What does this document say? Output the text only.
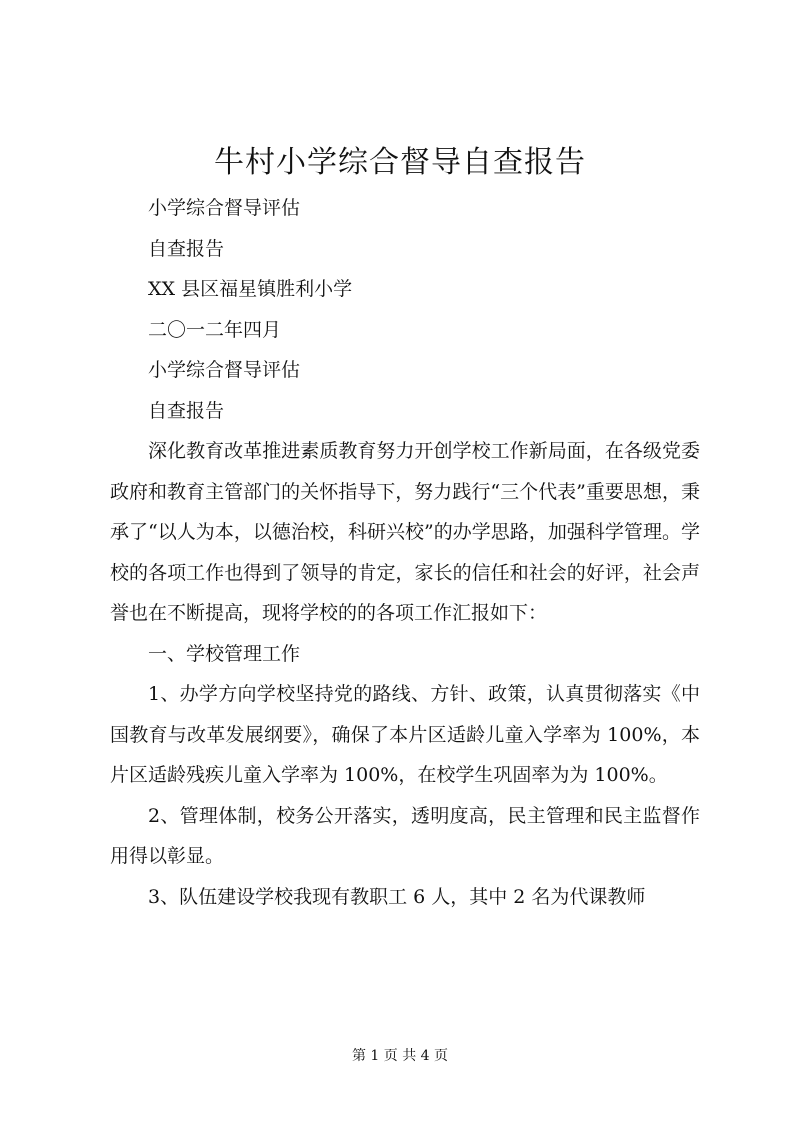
牛村小学综合督导自查报告

小学综合督导评估

自查报告

XX 县区福星镇胜利小学

二〇一二年四月

小学综合督导评估

自查报告

深化教育改革推进素质教育努力开创学校工作新局面，在各级党委政府和教育主管部门的关怀指导下，努力践行“三个代表”重要思想，秉承了“以人为本，以德治校，科研兴校”的办学思路，加强科学管理。学校的各项工作也得到了领导的肯定，家长的信任和社会的好评，社会声誉也在不断提高，现将学校的的各项工作汇报如下：

一、学校管理工作

1、办学方向学校坚持党的路线、方针、政策，认真贯彻落实《中国教育与改革发展纲要》，确保了本片区适龄儿童入学率为 100%，本片区适龄残疾儿童入学率为 100%，在校学生巩固率为为 100%。

2、管理体制，校务公开落实，透明度高，民主管理和民主监督作用得以彰显。

3、队伍建设学校我现有教职工 6 人，其中 2 名为代课教师

第 1 页 共 4 页
